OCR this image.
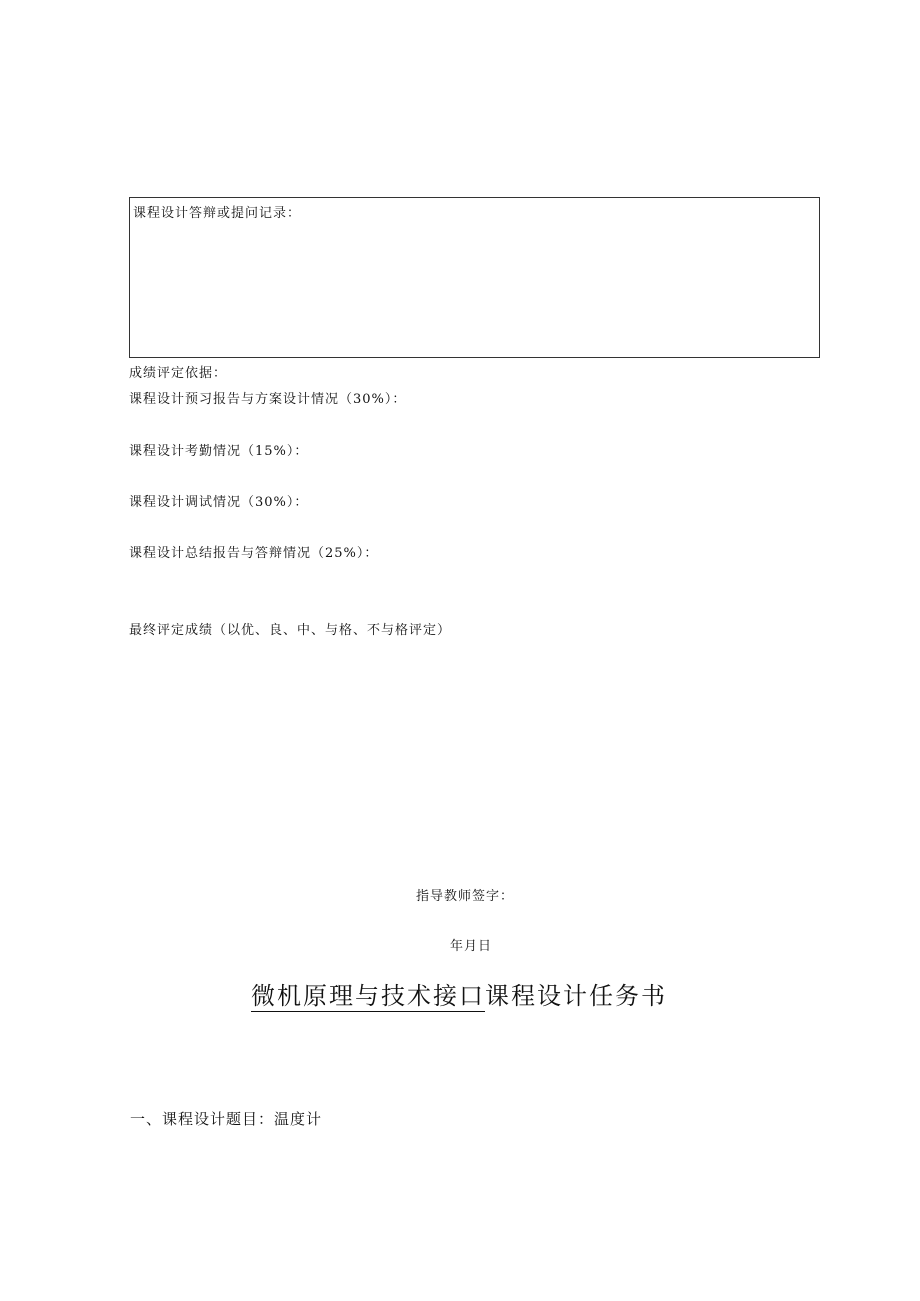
课程设计答辩或提问记录：
成绩评定依据：
课程设计预习报告与方案设计情况（30%）：
课程设计考勤情况（15%）：
课程设计调试情况（30%）：
课程设计总结报告与答辩情况（25%）：
最终评定成绩（以优、良、中、与格、不与格评定）
指导教师签字：
年月日
微机原理与技术接口课程设计任务书
一、课程设计题目：温度计
